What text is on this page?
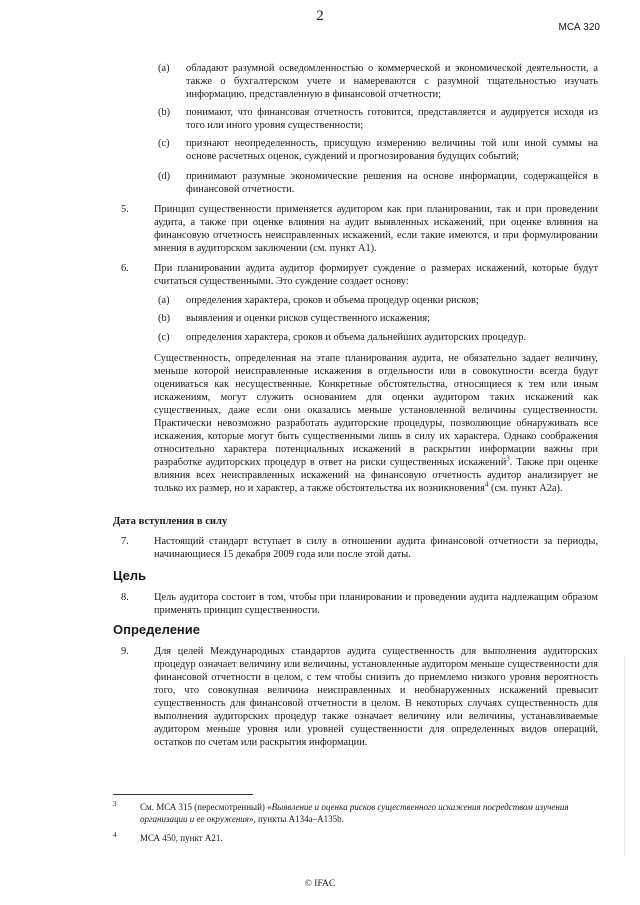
2
МСА 320
(a) обладают разумной осведомленностью о коммерческой и экономической деятельности, а также о бухгалтерском учете и намереваются с разумной тщательностью изучать информацию, представленную в финансовой отчетности;
(b) понимают, что финансовая отчетность готовится, представляется и аудируется исходя из того или иного уровня существенности;
(c) признают неопределенность, присущую измерению величины той или иной суммы на основе расчетных оценок, суждений и прогнозирования будущих событий;
(d) принимают разумные экономические решения на основе информации, содержащейся в финансовой отчетности.
5. Принцип существенности применяется аудитором как при планировании, так и при проведении аудита, а также при оценке влияния на аудит выявленных искажений, при оценке влияния на финансовую отчетность неисправленных искажений, если такие имеются, и при формулировании мнения в аудиторском заключении (см. пункт А1).
6. При планировании аудита аудитор формирует суждение о размерах искажений, которые будут считаться существенными. Это суждение создает основу:
(a) определения характера, сроков и объема процедур оценки рисков;
(b) выявления и оценки рисков существенного искажения;
(c) определения характера, сроков и объема дальнейших аудиторских процедур.
Существенность, определенная на этапе планирования аудита, не обязательно задает величину, меньше которой неисправленные искажения в отдельности или в совокупности всегда будут оцениваться как несущественные. Конкретные обстоятельства, относящиеся к тем или иным искажениям, могут служить основанием для оценки аудитором таких искажений как существенных, даже если они оказались меньше установленной величины существенности. Практически невозможно разработать аудиторские процедуры, позволяющие обнаруживать все искажения, которые могут быть существенными лишь в силу их характера. Однако соображения относительно характера потенциальных искажений в раскрытии информации важны при разработке аудиторских процедур в ответ на риски существенных искажений$^3$. Также при оценке влияния всех неисправленных искажений на финансовую отчетность аудитор анализирует не только их размер, но и характер, а также обстоятельства их возникновения$^4$ (см. пункт А2а).
Дата вступления в силу
7. Настоящий стандарт вступает в силу в отношении аудита финансовой отчетности за периоды, начинающиеся 15 декабря 2009 года или после этой даты.
Цель
8. Цель аудитора состоит в том, чтобы при планировании и проведении аудита надлежащим образом применять принцип существенности.
Определение
9. Для целей Международных стандартов аудита существенность для выполнения аудиторских процедур означает величину или величины, установленные аудитором меньше существенности для финансовой отчетности в целом, с тем чтобы снизить до приемлемо низкого уровня вероятность того, что совокупная величина неисправленных и необнаруженных искажений превысит существенность для финансовой отчетности в целом. В некоторых случаях существенность для выполнения аудиторских процедур также означает величину или величины, устанавливаемые аудитором меньше уровня или уровней существенности для определенных видов операций, остатков по счетам или раскрытия информации.
3	См. МСА 315 (пересмотренный) «Выявление и оценка рисков существенного искажения посредством изучения организации и ее окружения», пункты А134а–А135b.
4	МСА 450, пункт А21.
© IFAC
